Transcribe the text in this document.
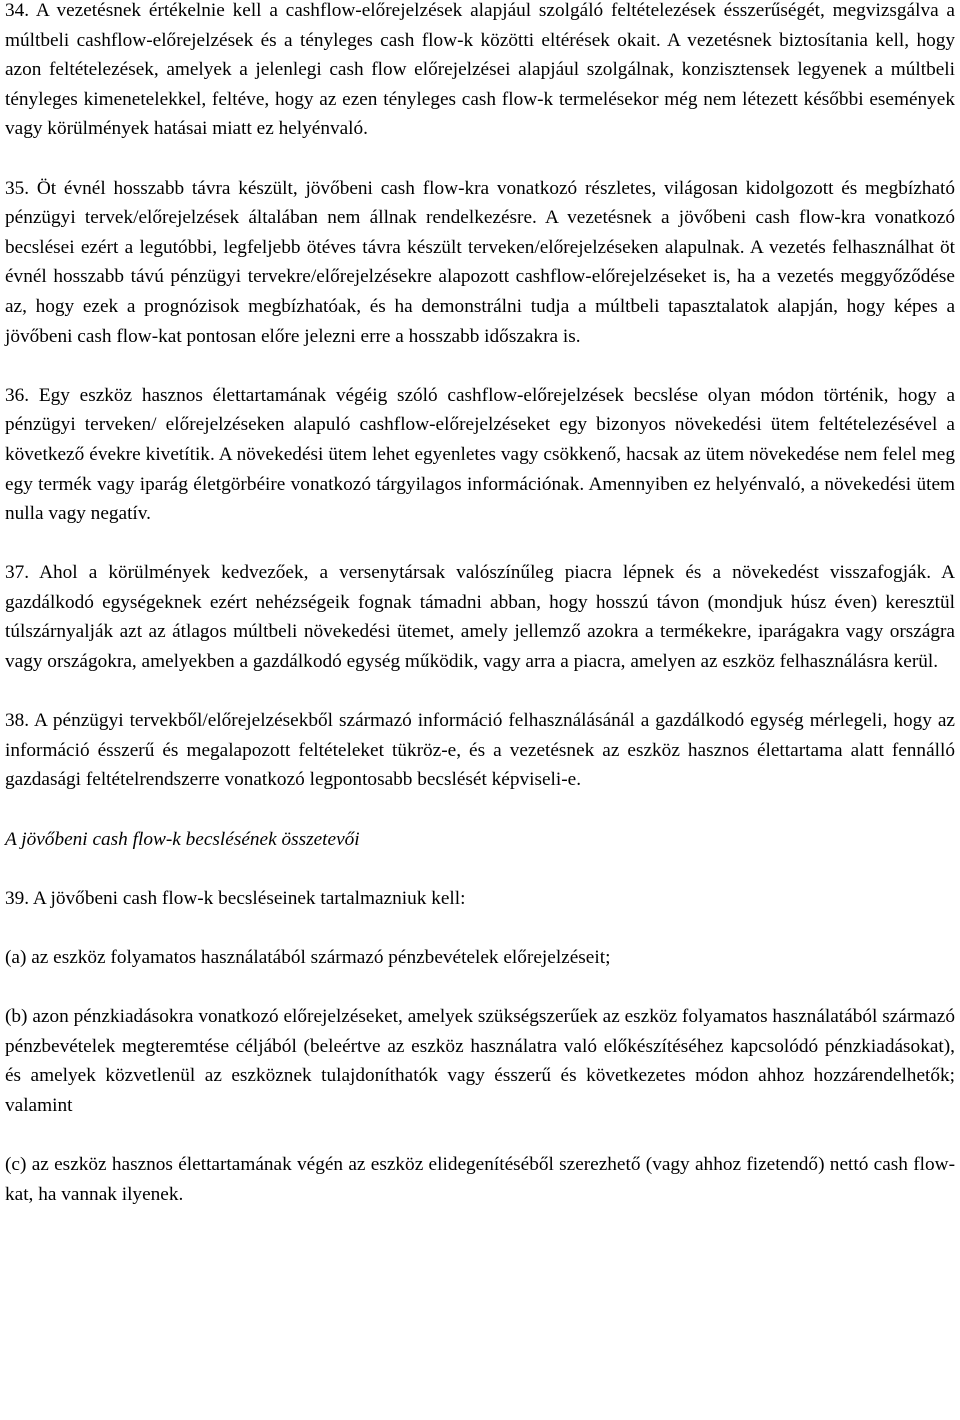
34. A vezetésnek értékelnie kell a cashflow-előrejelzések alapjául szolgáló feltételezések ésszerűségét, megvizsgálva a múltbeli cashflow-előrejelzések és a tényleges cash flow-k közötti eltérések okait. A vezetésnek biztosítania kell, hogy azon feltételezések, amelyek a jelenlegi cash flow előrejelzései alapjául szolgálnak, konzisztensek legyenek a múltbeli tényleges kimenetelekkel, feltéve, hogy az ezen tényleges cash flow-k termelésekor még nem létezett későbbi események vagy körülmények hatásai miatt ez helyénvaló.

35. Öt évnél hosszabb távra készült, jövőbeni cash flow-kra vonatkozó részletes, világosan kidolgozott és megbízható pénzügyi tervek/előrejelzések általában nem állnak rendelkezésre. A vezetésnek a jövőbeni cash flow-kra vonatkozó becslései ezért a legutóbbi, legfeljebb ötéves távra készült terveken/előrejelzéseken alapulnak. A vezetés felhasználhat öt évnél hosszabb távú pénzügyi tervekre/előrejelzésekre alapozott cashflow-előrejelzéseket is, ha a vezetés meggyőződése az, hogy ezek a prognózisok megbízhatóak, és ha demonstrálni tudja a múltbeli tapasztalatok alapján, hogy képes a jövőbeni cash flow-kat pontosan előre jelezni erre a hosszabb időszakra is.

36. Egy eszköz hasznos élettartamának végéig szóló cashflow-előrejelzések becslése olyan módon történik, hogy a pénzügyi terveken/ előrejelzéseken alapuló cashflow-előrejelzéseket egy bizonyos növekedési ütem feltételezésével a következő évekre kivetítik. A növekedési ütem lehet egyenletes vagy csökkenő, hacsak az ütem növekedése nem felel meg egy termék vagy iparág életgörbéire vonatkozó tárgyilagos információnak. Amennyiben ez helyénvaló, a növekedési ütem nulla vagy negatív.

37. Ahol a körülmények kedvezőek, a versenytársak valószínűleg piacra lépnek és a növekedést visszafogják. A gazdálkodó egységeknek ezért nehézségeik fognak támadni abban, hogy hosszú távon (mondjuk húsz éven) keresztül túlszárnyalják azt az átlagos múltbeli növekedési ütemet, amely jellemző azokra a termékekre, iparágakra vagy országra vagy országokra, amelyekben a gazdálkodó egység működik, vagy arra a piacra, amelyen az eszköz felhasználásra kerül.

38. A pénzügyi tervekből/előrejelzésekből származó információ felhasználásánál a gazdálkodó egység mérlegeli, hogy az információ ésszerű és megalapozott feltételeket tükröz-e, és a vezetésnek az eszköz hasznos élettartama alatt fennálló gazdasági feltételrendszerre vonatkozó legpontosabb becslését képviseli-e.

A jövőbeni cash flow-k becslésének összetevői

39. A jövőbeni cash flow-k becsléseinek tartalmazniuk kell:

(a) az eszköz folyamatos használatából származó pénzbevételek előrejelzéseit;

(b) azon pénzkiadásokra vonatkozó előrejelzéseket, amelyek szükségszerűek az eszköz folyamatos használatából származó pénzbevételek megteremtése céljából (beleértve az eszköz használatra való előkészítéséhez kapcsolódó pénzkiadásokat), és amelyek közvetlenül az eszköznek tulajdoníthatók vagy ésszerű és következetes módon ahhoz hozzárendelhetők; valamint

(c) az eszköz hasznos élettartamának végén az eszköz elidegenítéséből szerezhető (vagy ahhoz fizetendő) nettó cash flow-kat, ha vannak ilyenek.
